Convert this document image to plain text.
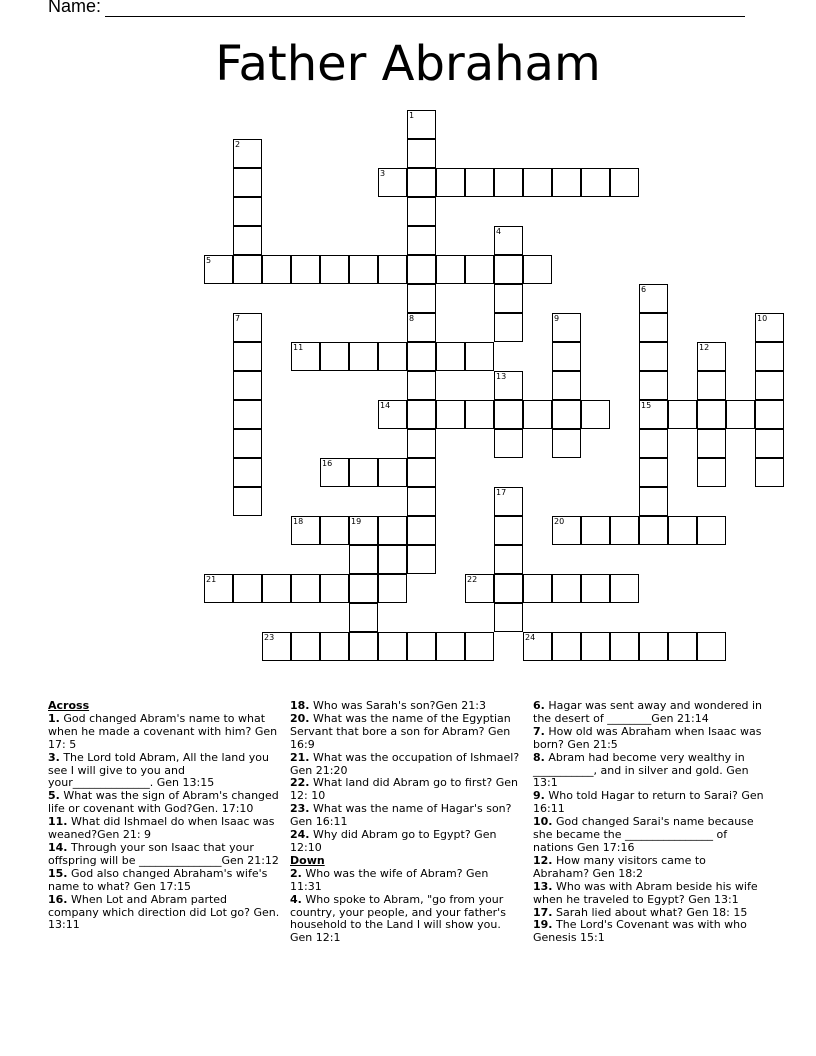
Name:
Father Abraham
1
2
3
4
5
6
7	8	9	10
11	12
13
14	15
16
17
18	19	20
21	22
23	24
Across
1. God changed Abram's name to what when he made a covenant with him? Gen 17: 5
3. The Lord told Abram, All the land you see I will give to you and your______________. Gen 13:15
5. What was the sign of Abram's changed life or covenant with God?Gen. 17:10
11. What did Ishmael do when Isaac was weaned?Gen 21: 9
14. Through your son Isaac that your offspring will be _______________Gen 21:12
15. God also changed Abraham's wife's name to what? Gen 17:15
16. When Lot and Abram parted company which direction did Lot go? Gen. 13:11
18. Who was Sarah's son?Gen 21:3
20. What was the name of the Egyptian Servant that bore a son for Abram? Gen 16:9
21. What was the occupation of Ishmael?Gen 21:20
22. What land did Abram go to first? Gen 12: 10
23. What was the name of Hagar's son? Gen 16:11
24. Why did Abram go to Egypt? Gen 12:10
Down
2. Who was the wife of Abram? Gen 11:31
4. Who spoke to Abram, "go from your country, your people, and your father's household to the Land I will show you. Gen 12:1
6. Hagar was sent away and wondered in the desert of ________Gen 21:14
7. How old was Abraham when Isaac was born? Gen 21:5
8. Abram had become very wealthy in ___________, and in silver and gold. Gen 13:1
9. Who told Hagar to return to Sarai? Gen 16:11
10. God changed Sarai's name because she became the ________________ of nations Gen 17:16
12. How many visitors came to Abraham? Gen 18:2
13. Who was with Abram beside his wife when he traveled to Egypt? Gen 13:1
17. Sarah lied about what? Gen 18: 15
19. The Lord's Covenant was with who Genesis 15:1
